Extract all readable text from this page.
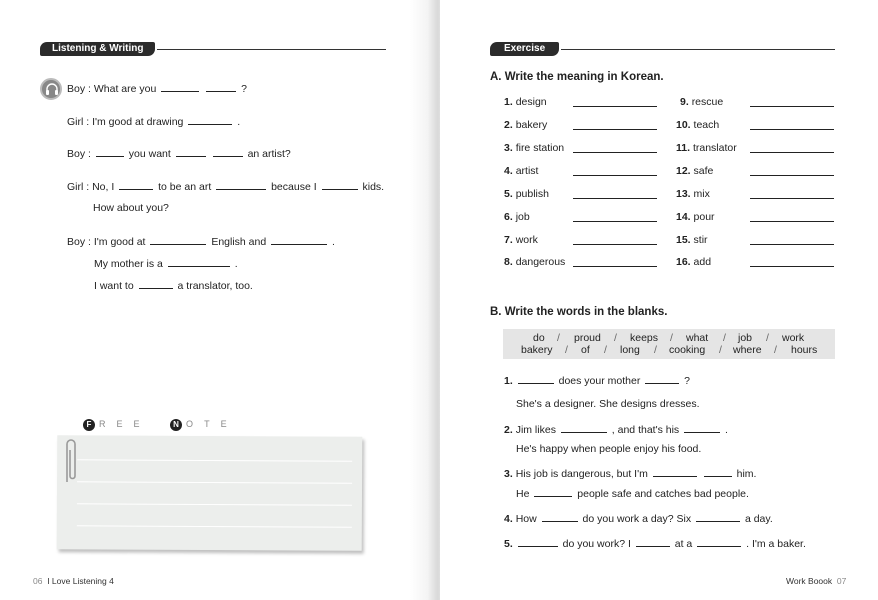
Listening & Writing
Boy : What are you	?
Girl : I'm good at drawing	.
Boy :	you want	an artist?
Girl : No, I	to be an art	because I	kids.
How about you?
Boy : I'm good at	English and	.
My mother is a	.
I want to	a translator, too.
F REE	N OTE
06 I Love Listening 4
Exercise
A. Write the meaning in Korean.
1. design
2. bakery
3. fire station
4. artist
5. publish
6. job
7. work
8. dangerous
9. rescue
10. teach
11. translator
12. safe
13. mix
14. pour
15. stir
16. add
B. Write the words in the blanks.
do / proud / keeps / what / job / work
bakery / of / long / cooking / where / hours
1.	does your mother	?
She's a designer. She designs dresses.
2. Jim likes	, and that's his	.
He's happy when people enjoy his food.
3. His job is dangerous, but I'm	him.
He	people safe and catches bad people.
4. How	do you work a day? Six	a day.
5.	do you work? I	at a	. I'm a baker.
Work Boook 07
